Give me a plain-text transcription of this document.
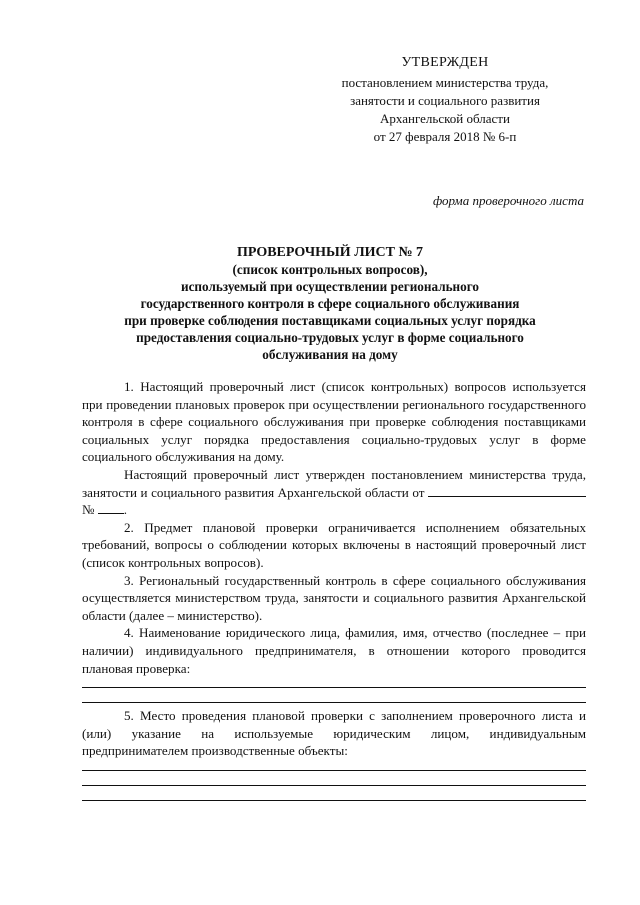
УТВЕРЖДЕН
постановлением министерства труда,
занятости и социального развития
Архангельской области
от 27 февраля 2018 № 6-п
форма проверочного листа
ПРОВЕРОЧНЫЙ ЛИСТ № 7
(список контрольных вопросов),
используемый при осуществлении регионального
государственного контроля в сфере социального обслуживания
при проверке соблюдения поставщиками социальных услуг порядка
предоставления социально-трудовых услуг в форме социального
обслуживания на дому

1. Настоящий проверочный лист (список контрольных) вопросов используется при проведении плановых проверок при осуществлении регионального государственного контроля в сфере социального обслуживания при проверке соблюдения поставщиками социальных услуг порядка предоставления социально-трудовых услуг в форме социального обслуживания на дому.

Настоящий проверочный лист утвержден постановлением министерства труда, занятости и социального развития Архангельской области от  № .

2. Предмет плановой проверки ограничивается исполнением обязательных требований, вопросы о соблюдении которых включены в настоящий проверочный лист (список контрольных вопросов).

3. Региональный государственный контроль в сфере социального обслуживания осуществляется министерством труда, занятости и социального развития Архангельской области (далее – министерство).

4. Наименование юридического лица, фамилия, имя, отчество (последнее – при наличии) индивидуального предпринимателя, в отношении которого проводится плановая проверка:

5. Место проведения плановой проверки с заполнением проверочного листа и (или) указание на используемые юридическим лицом, индивидуальным предпринимателем производственные объекты:
